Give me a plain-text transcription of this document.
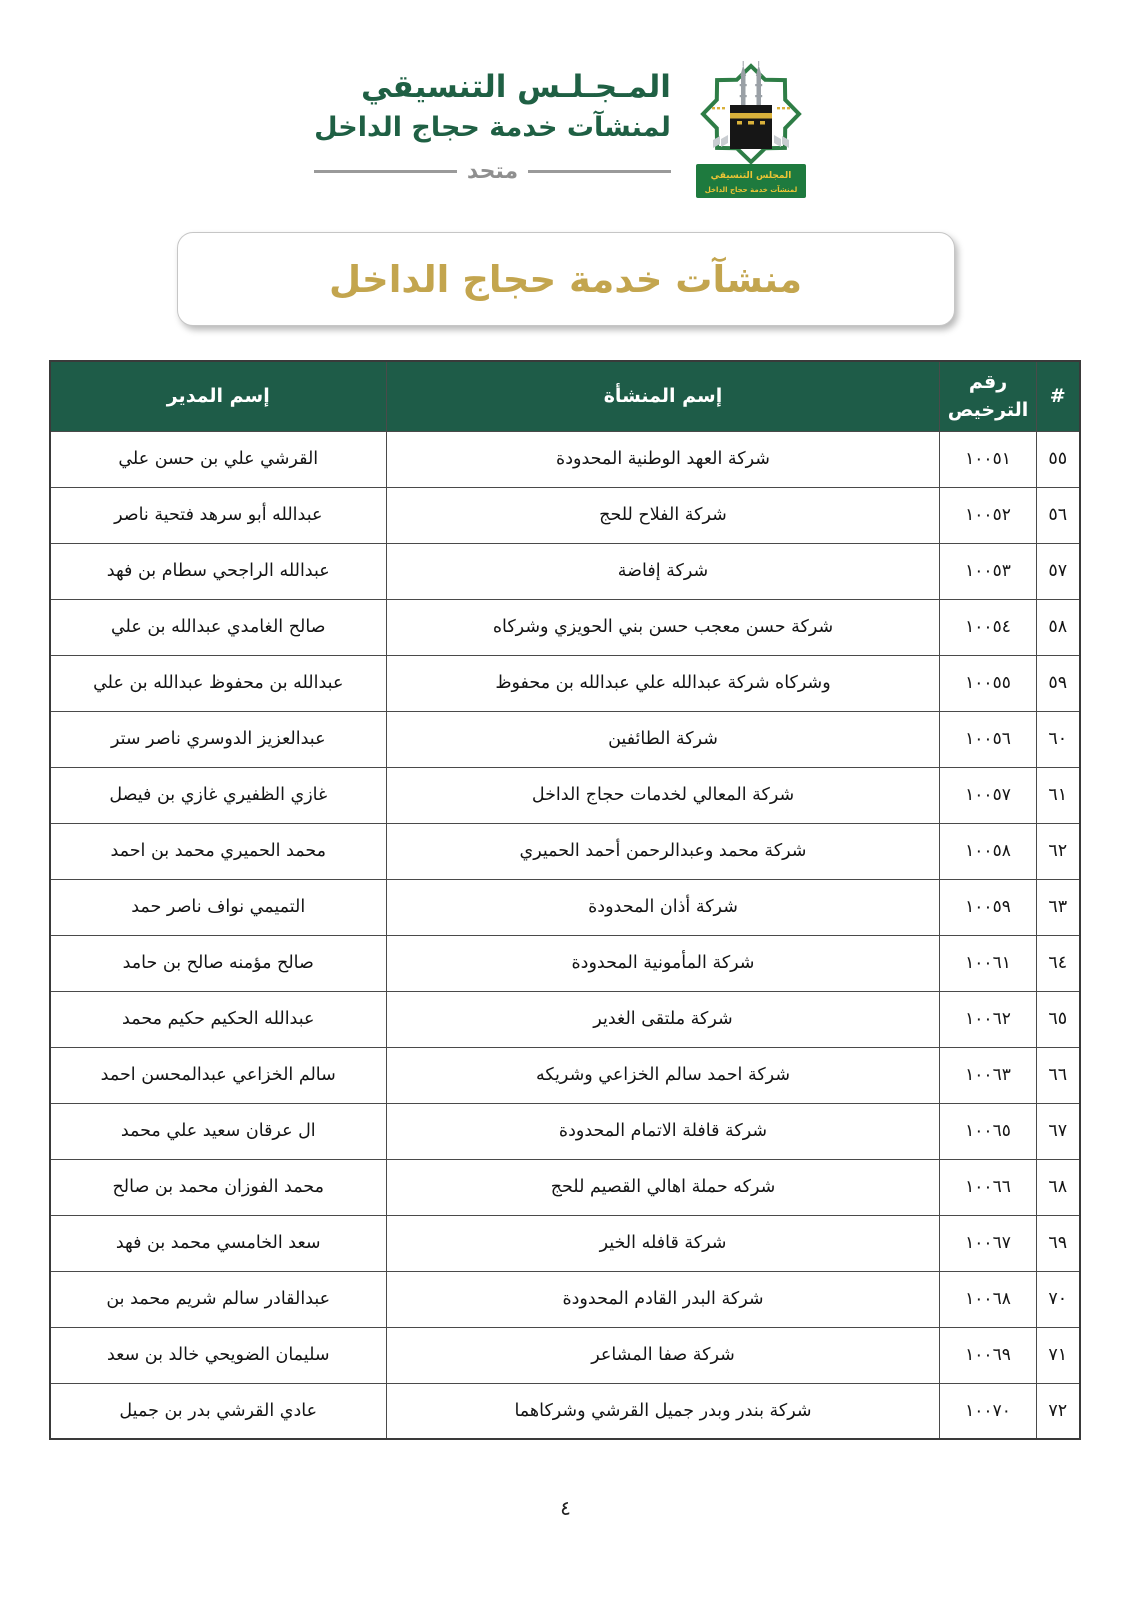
المجلس التنسيقي
لمنشآت خدمة حجاج الداخل
المـجـلـس التنسيقي
لمنشآت خدمة حجاج الداخل
متحد
منشآت خدمة حجاج الداخل
#	رقم الترخيص	إسم المنشأة	إسم المدير
٥٥	١٠٠٥١	شركة العهد الوطنية المحدودة	القرشي علي بن حسن علي
٥٦	١٠٠٥٢	شركة الفلاح للحج	عبدالله أبو سرهد فتحية ناصر
٥٧	١٠٠٥٣	شركة إفاضة	عبدالله الراجحي سطام بن فهد
٥٨	١٠٠٥٤	شركة حسن معجب حسن بني الحويزي وشركاه	صالح الغامدي عبدالله بن علي
٥٩	١٠٠٥٥	وشركاه شركة عبدالله علي عبدالله بن محفوظ	عبدالله بن محفوظ عبدالله بن علي
٦٠	١٠٠٥٦	شركة الطائفين	عبدالعزيز الدوسري ناصر ستر
٦١	١٠٠٥٧	شركة المعالي لخدمات حجاج الداخل	غازي الظفيري غازي بن فيصل
٦٢	١٠٠٥٨	شركة محمد وعبدالرحمن أحمد الحميري	محمد الحميري محمد بن احمد
٦٣	١٠٠٥٩	شركة أذان المحدودة	التميمي نواف ناصر حمد
٦٤	١٠٠٦١	شركة المأمونية المحدودة	صالح مؤمنه صالح بن حامد
٦٥	١٠٠٦٢	شركة ملتقى الغدير	عبدالله الحكيم حكيم محمد
٦٦	١٠٠٦٣	شركة احمد سالم الخزاعي وشريكه	سالم الخزاعي عبدالمحسن احمد
٦٧	١٠٠٦٥	شركة قافلة الاتمام المحدودة	ال عرقان سعيد علي محمد
٦٨	١٠٠٦٦	شركه حملة اهالي القصيم للحج	محمد الفوزان محمد بن صالح
٦٩	١٠٠٦٧	شركة قافله الخير	سعد الخامسي محمد بن فهد
٧٠	١٠٠٦٨	شركة البدر القادم المحدودة	عبدالقادر سالم شريم محمد بن
٧١	١٠٠٦٩	شركة صفا المشاعر	سليمان الضويحي خالد بن سعد
٧٢	١٠٠٧٠	شركة بندر وبدر جميل القرشي وشركاهما	عادي القرشي بدر بن جميل
٤
